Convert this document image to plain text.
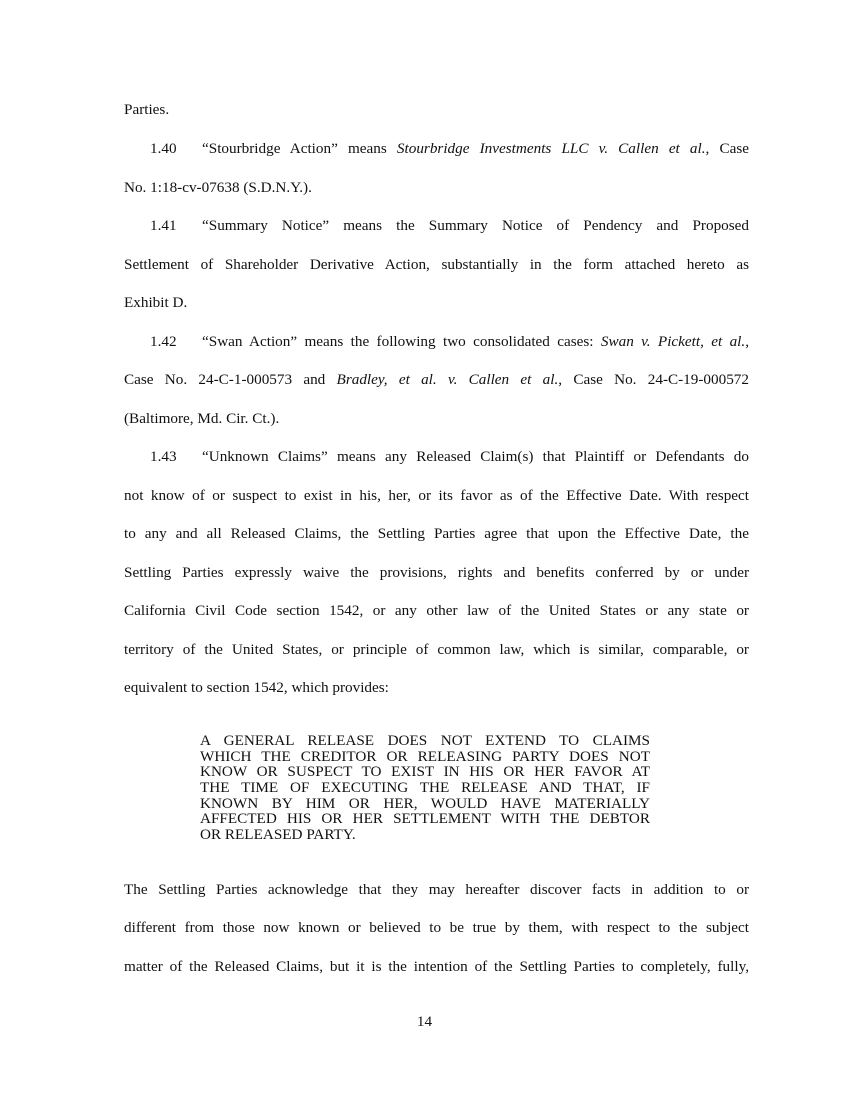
Parties.
1.40 “Stourbridge Action” means Stourbridge Investments LLC v. Callen et al., Case
No. 1:18-cv-07638 (S.D.N.Y.).
1.41 “Summary Notice” means the Summary Notice of Pendency and Proposed
Settlement of Shareholder Derivative Action, substantially in the form attached hereto as
Exhibit D.
1.42 “Swan Action” means the following two consolidated cases: Swan v. Pickett, et al.,
Case No. 24-C-1-000573 and Bradley, et al. v. Callen et al., Case No. 24-C-19-000572
(Baltimore, Md. Cir. Ct.).
1.43 “Unknown Claims” means any Released Claim(s) that Plaintiff or Defendants do
not know of or suspect to exist in his, her, or its favor as of the Effective Date. With respect
to any and all Released Claims, the Settling Parties agree that upon the Effective Date, the
Settling Parties expressly waive the provisions, rights and benefits conferred by or under
California Civil Code section 1542, or any other law of the United States or any state or
territory of the United States, or principle of common law, which is similar, comparable, or
equivalent to section 1542, which provides:
A GENERAL RELEASE DOES NOT EXTEND TO CLAIMS
WHICH THE CREDITOR OR RELEASING PARTY DOES NOT
KNOW OR SUSPECT TO EXIST IN HIS OR HER FAVOR AT
THE TIME OF EXECUTING THE RELEASE AND THAT, IF
KNOWN BY HIM OR HER, WOULD HAVE MATERIALLY
AFFECTED HIS OR HER SETTLEMENT WITH THE DEBTOR
OR RELEASED PARTY.
The Settling Parties acknowledge that they may hereafter discover facts in addition to or
different from those now known or believed to be true by them, with respect to the subject
matter of the Released Claims, but it is the intention of the Settling Parties to completely, fully,
14
